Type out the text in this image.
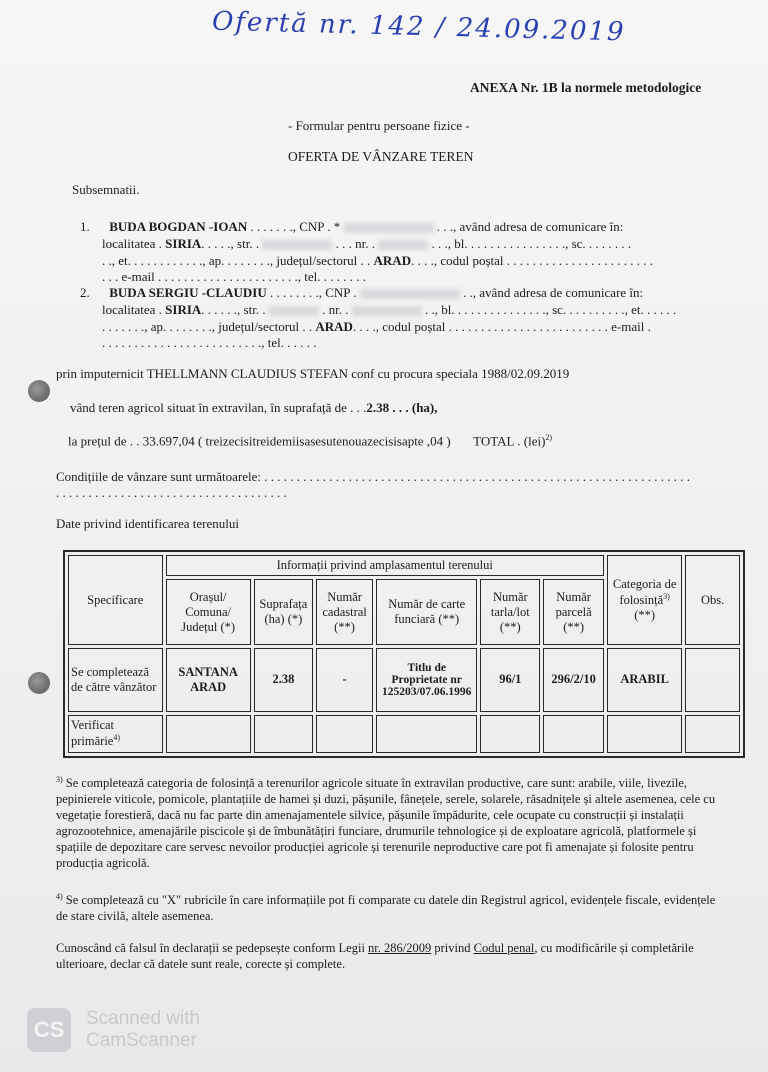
Ofertă nr. 142 / 24.09.2019
ANEXA Nr. 1B la normele metodologice
- Formular pentru persoane fizice -
OFERTA DE VÂNZARE TEREN
Subsemnatii.
1. BUDA BOGDAN -IOAN . . . . . . ., CNP . *	. . ., având adresa de comunicare în:
localitatea . SIRIA. . . . ., str. .	. . . nr. .	. . ., bl. . . . . . . . . . . . . . . ., sc. . . . . . . .
. ., et. . . . . . . . . . . ., ap. . . . . . . ., județul/sectorul . . ARAD. . . ., codul poștal . . . . . . . . . . . . . . . . . . . . . . .
. . . e-mail . . . . . . . . . . . . . . . . . . . . . ., tel. . . . . . . .
2. BUDA SERGIU -CLAUDIU . . . . . . . ., CNP .	. ., având adresa de comunicare în:
localitatea . SIRIA. . . . . ., str. .	. nr. .	. ., bl. . . . . . . . . . . . . . ., sc. . . . . . . . . ., et. . . . . .
. . . . . . ., ap. . . . . . . ., județul/sectorul . . ARAD. . . ., codul poștal . . . . . . . . . . . . . . . . . . . . . . . . . e-mail .
. . . . . . . . . . . . . . . . . . . . . . . . ., tel. . . . . .
prin imputernicit THELLMANN CLAUDIUS STEFAN conf cu procura speciala 1988/02.09.2019
vând teren agricol situat în extravilan, în suprafață de . . .2.38 . . . (ha),
la prețul de . . 33.697,04 ( treizecisitreidemiisasesutenouazecisisapte ,04 ) TOTAL . (lei)$^{2)}$
Condițiile de vânzare sunt următoarele: . . . . . . . . . . . . . . . . . . . . . . . . . . . . . . . . . . . . . . . . . . . . . . . . . . . . . . . . . . . . . . . . . .
. . . . . . . . . . . . . . . . . . . . . . . . . . . . . . . . . . . .
Date privind identificarea terenului
Specificare	Informații privind amplasamentul terenului						Categoria de folosință$^{3)}$ (**)	Obs.
	Orașul/ Comuna/ Județul (*)	Suprafața (ha) (*)	Număr cadastral (**)	Număr de carte funciară (**)	Număr tarla/lot (**)	Număr parcelă (**)		
Se completează de către vânzător	SANTANA ARAD	2.38	-	Titlu de Proprietate nr 125203/07.06.1996	96/1	296/2/10	ARABIL	
Verificat primărie$^{4)}$								
$^{3)}$ Se completează categoria de folosință a terenurilor agricole situate în extravilan productive, care sunt: arabile, viile, livezile, pepinierele viticole, pomicole, plantațiile de hamei și duzi, pășunile, fânețele, serele, solarele, răsadnițele și altele asemenea, cele cu vegetație forestieră, dacă nu fac parte din amenajamentele silvice, pășunile împădurite, cele ocupate cu construcții și instalații agrozootehnice, amenajările piscicole și de îmbunătățiri funciare, drumurile tehnologice și de exploatare agricolă, platformele și spațiile de depozitare care servesc nevoilor producției agricole și terenurile neproductive care pot fi amenajate și folosite pentru producția agricolă.
$^{4)}$ Se completează cu "X" rubricile în care informațiile pot fi comparate cu datele din Registrul agricol, evidențele fiscale, evidențele de stare civilă, altele asemenea.
Cunoscând că falsul în declarații se pedepsește conform Legii nr. 286/2009 privind Codul penal, cu modificările și completările ulterioare, declar că datele sunt reale, corecte și complete.
CS	Scanned with
CamScanner
